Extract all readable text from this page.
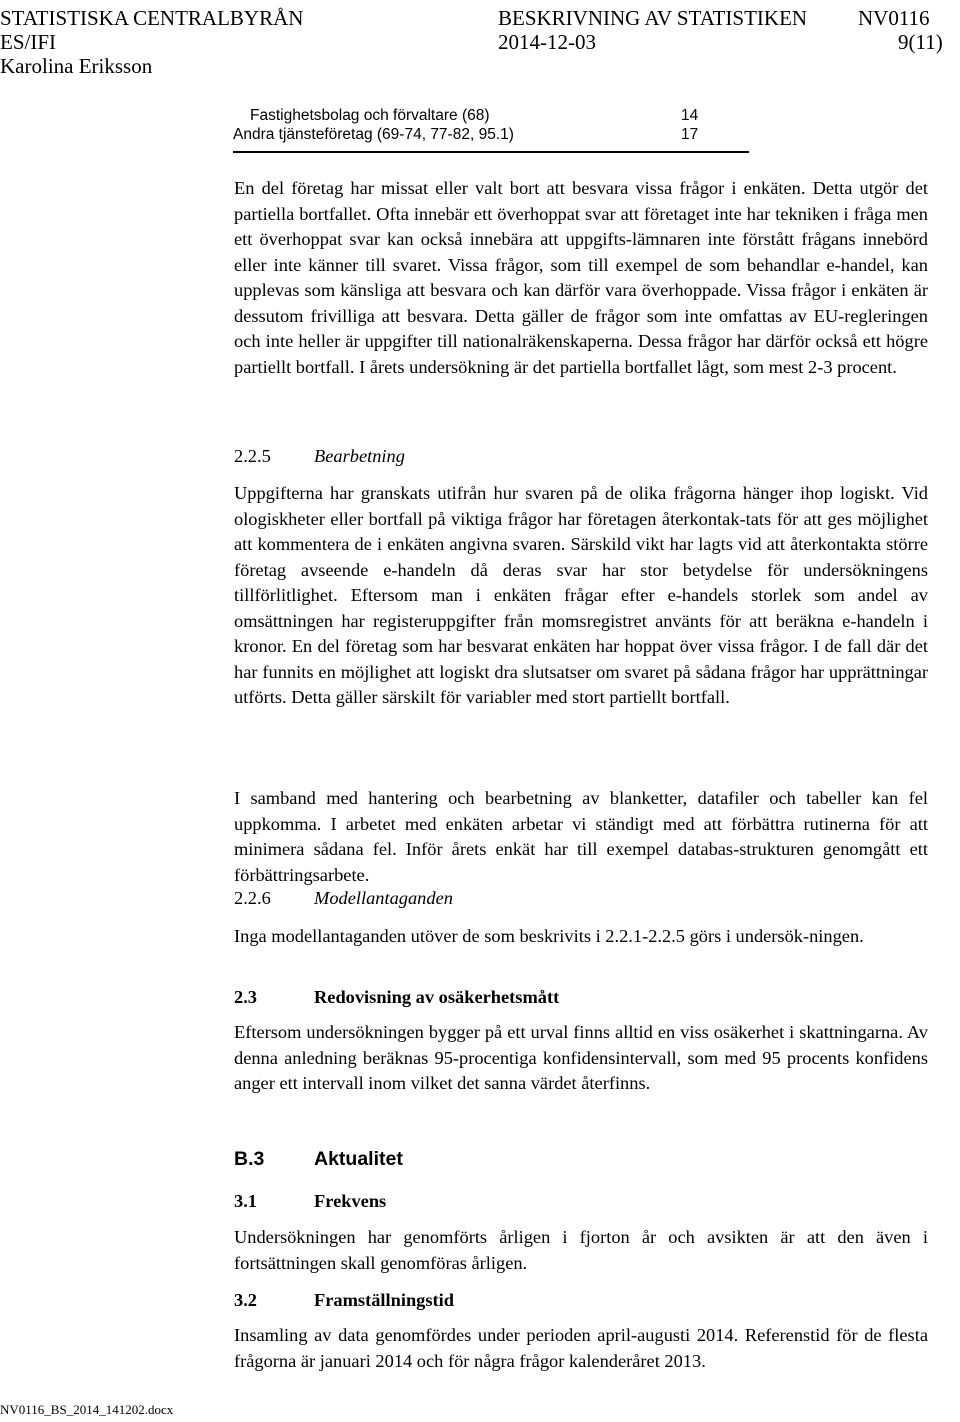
STATISTISKA CENTRALBYRÅN	BESKRIVNING AV STATISTIKEN NV0116
ES/IFI	2014-12-03	9(11)
Karolina Eriksson
Fastighetsbolag och förvaltare (68)	14
Andra tjänsteföretag (69-74, 77-82, 95.1)	17

En del företag har missat eller valt bort att besvara vissa frågor i enkäten. Detta utgör det partiella bortfallet. Ofta innebär ett överhoppat svar att företaget inte har tekniken i fråga men ett överhoppat svar kan också innebära att uppgifts-lämnaren inte förstått frågans innebörd eller inte känner till svaret. Vissa frågor, som till exempel de som behandlar e-handel, kan upplevas som känsliga att besvara och kan därför vara överhoppade. Vissa frågor i enkäten är dessutom frivilliga att besvara. Detta gäller de frågor som inte omfattas av EU-regleringen och inte heller är uppgifter till nationalräkenskaperna. Dessa frågor har därför också ett högre partiellt bortfall. I årets undersökning är det partiella bortfallet lågt, som mest 2-3 procent.

2.2.5 Bearbetning

Uppgifterna har granskats utifrån hur svaren på de olika frågorna hänger ihop logiskt. Vid ologiskheter eller bortfall på viktiga frågor har företagen återkontak-tats för att ges möjlighet att kommentera de i enkäten angivna svaren. Särskild vikt har lagts vid att återkontakta större företag avseende e-handeln då deras svar har stor betydelse för undersökningens tillförlitlighet. Eftersom man i enkäten frågar efter e-handels storlek som andel av omsättningen har registeruppgifter från momsregistret använts för att beräkna e-handeln i kronor. En del företag som har besvarat enkäten har hoppat över vissa frågor. I de fall där det har funnits en möjlighet att logiskt dra slutsatser om svaret på sådana frågor har upprättningar utförts. Detta gäller särskilt för variabler med stort partiellt bortfall.

I samband med hantering och bearbetning av blanketter, datafiler och tabeller kan fel uppkomma. I arbetet med enkäten arbetar vi ständigt med att förbättra rutinerna för att minimera sådana fel. Inför årets enkät har till exempel databas-strukturen genomgått ett förbättringsarbete.

2.2.6 Modellantaganden

Inga modellantaganden utöver de som beskrivits i 2.2.1-2.2.5 görs i undersök-ningen.

2.3	Redovisning av osäkerhetsmått

Eftersom undersökningen bygger på ett urval finns alltid en viss osäkerhet i skattningarna. Av denna anledning beräknas 95-procentiga konfidensintervall, som med 95 procents konfidens anger ett intervall inom vilket det sanna värdet återfinns.

B.3	Aktualitet
3.1	Frekvens

Undersökningen har genomförts årligen i fjorton år och avsikten är att den även i fortsättningen skall genomföras årligen.

3.2	Framställningstid

Insamling av data genomfördes under perioden april-augusti 2014. Referenstid för de flesta frågorna är januari 2014 och för några frågor kalenderåret 2013.

NV0116_BS_2014_141202.docx
